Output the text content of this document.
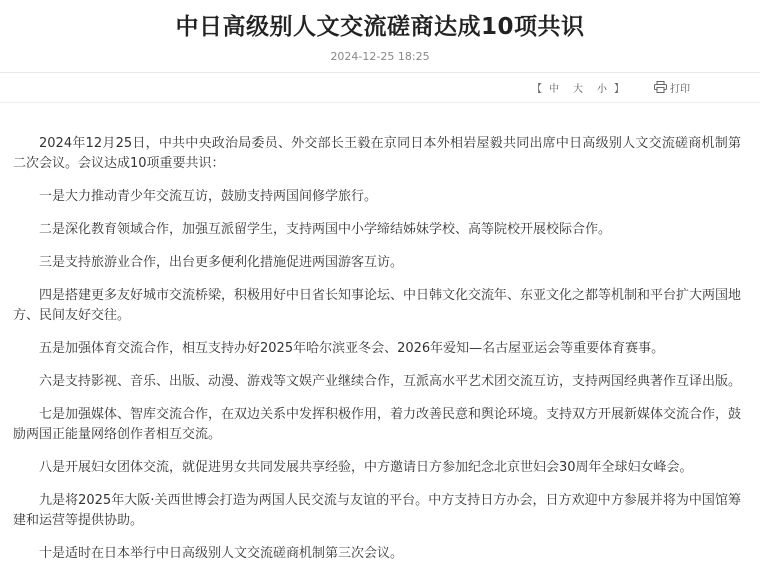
中日高级别人文交流磋商达成10项共识
2024-12-25 18:25
【 中 大 小 】	打印

2024年12月25日，中共中央政治局委员、外交部长王毅在京同日本外相岩屋毅共同出席中日高级别人文交流磋商机制第二次会议。会议达成10项重要共识：

一是大力推动青少年交流互访，鼓励支持两国间修学旅行。

二是深化教育领域合作，加强互派留学生，支持两国中小学缔结姊妹学校、高等院校开展校际合作。

三是支持旅游业合作，出台更多便利化措施促进两国游客互访。

四是搭建更多友好城市交流桥梁，积极用好中日省长知事论坛、中日韩文化交流年、东亚文化之都等机制和平台扩大两国地方、民间友好交往。

五是加强体育交流合作，相互支持办好2025年哈尔滨亚冬会、2026年爱知—名古屋亚运会等重要体育赛事。

六是支持影视、音乐、出版、动漫、游戏等文娱产业继续合作，互派高水平艺术团交流互访，支持两国经典著作互译出版。

七是加强媒体、智库交流合作，在双边关系中发挥积极作用，着力改善民意和舆论环境。支持双方开展新媒体交流合作，鼓励两国正能量网络创作者相互交流。

八是开展妇女团体交流，就促进男女共同发展共享经验，中方邀请日方参加纪念北京世妇会30周年全球妇女峰会。

九是将2025年大阪·关西世博会打造为两国人民交流与友谊的平台。中方支持日方办会，日方欢迎中方参展并将为中国馆筹建和运营等提供协助。

十是适时在日本举行中日高级别人文交流磋商机制第三次会议。
